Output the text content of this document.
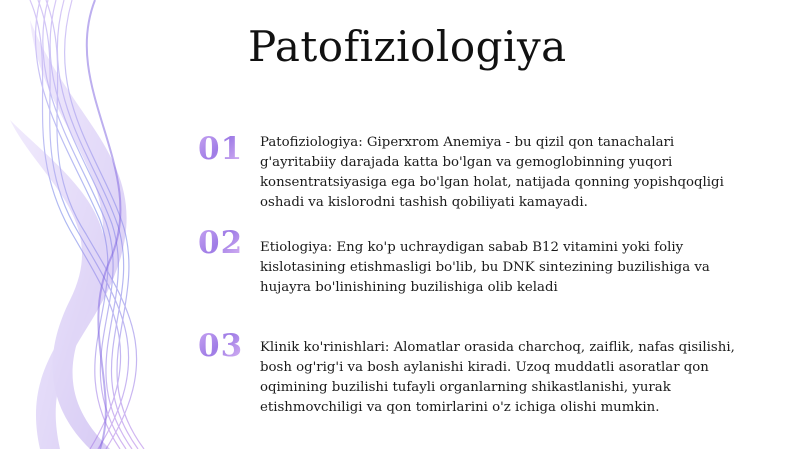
Patofiziologiya
01	Patofiziologiya: Giperxrom Anemiya - bu qizil qon tanachalari g'ayritabiiy darajada katta bo'lgan va gemoglobinning yuqori konsentratsiyasiga ega bo'lgan holat, natijada qonning yopishqoqligi oshadi va kislorodni tashish qobiliyati kamayadi.
02	Etiologiya: Eng ko'p uchraydigan sabab B12 vitamini yoki foliy kislotasining etishmasligi bo'lib, bu DNK sintezining buzilishiga va hujayra bo'linishining buzilishiga olib keladi
03	Klinik ko'rinishlari: Alomatlar orasida charchoq, zaiflik, nafas qisilishi, bosh og'rig'i va bosh aylanishi kiradi. Uzoq muddatli asoratlar qon oqimining buzilishi tufayli organlarning shikastlanishi, yurak etishmovchiligi va qon tomirlarini o'z ichiga olishi mumkin.
